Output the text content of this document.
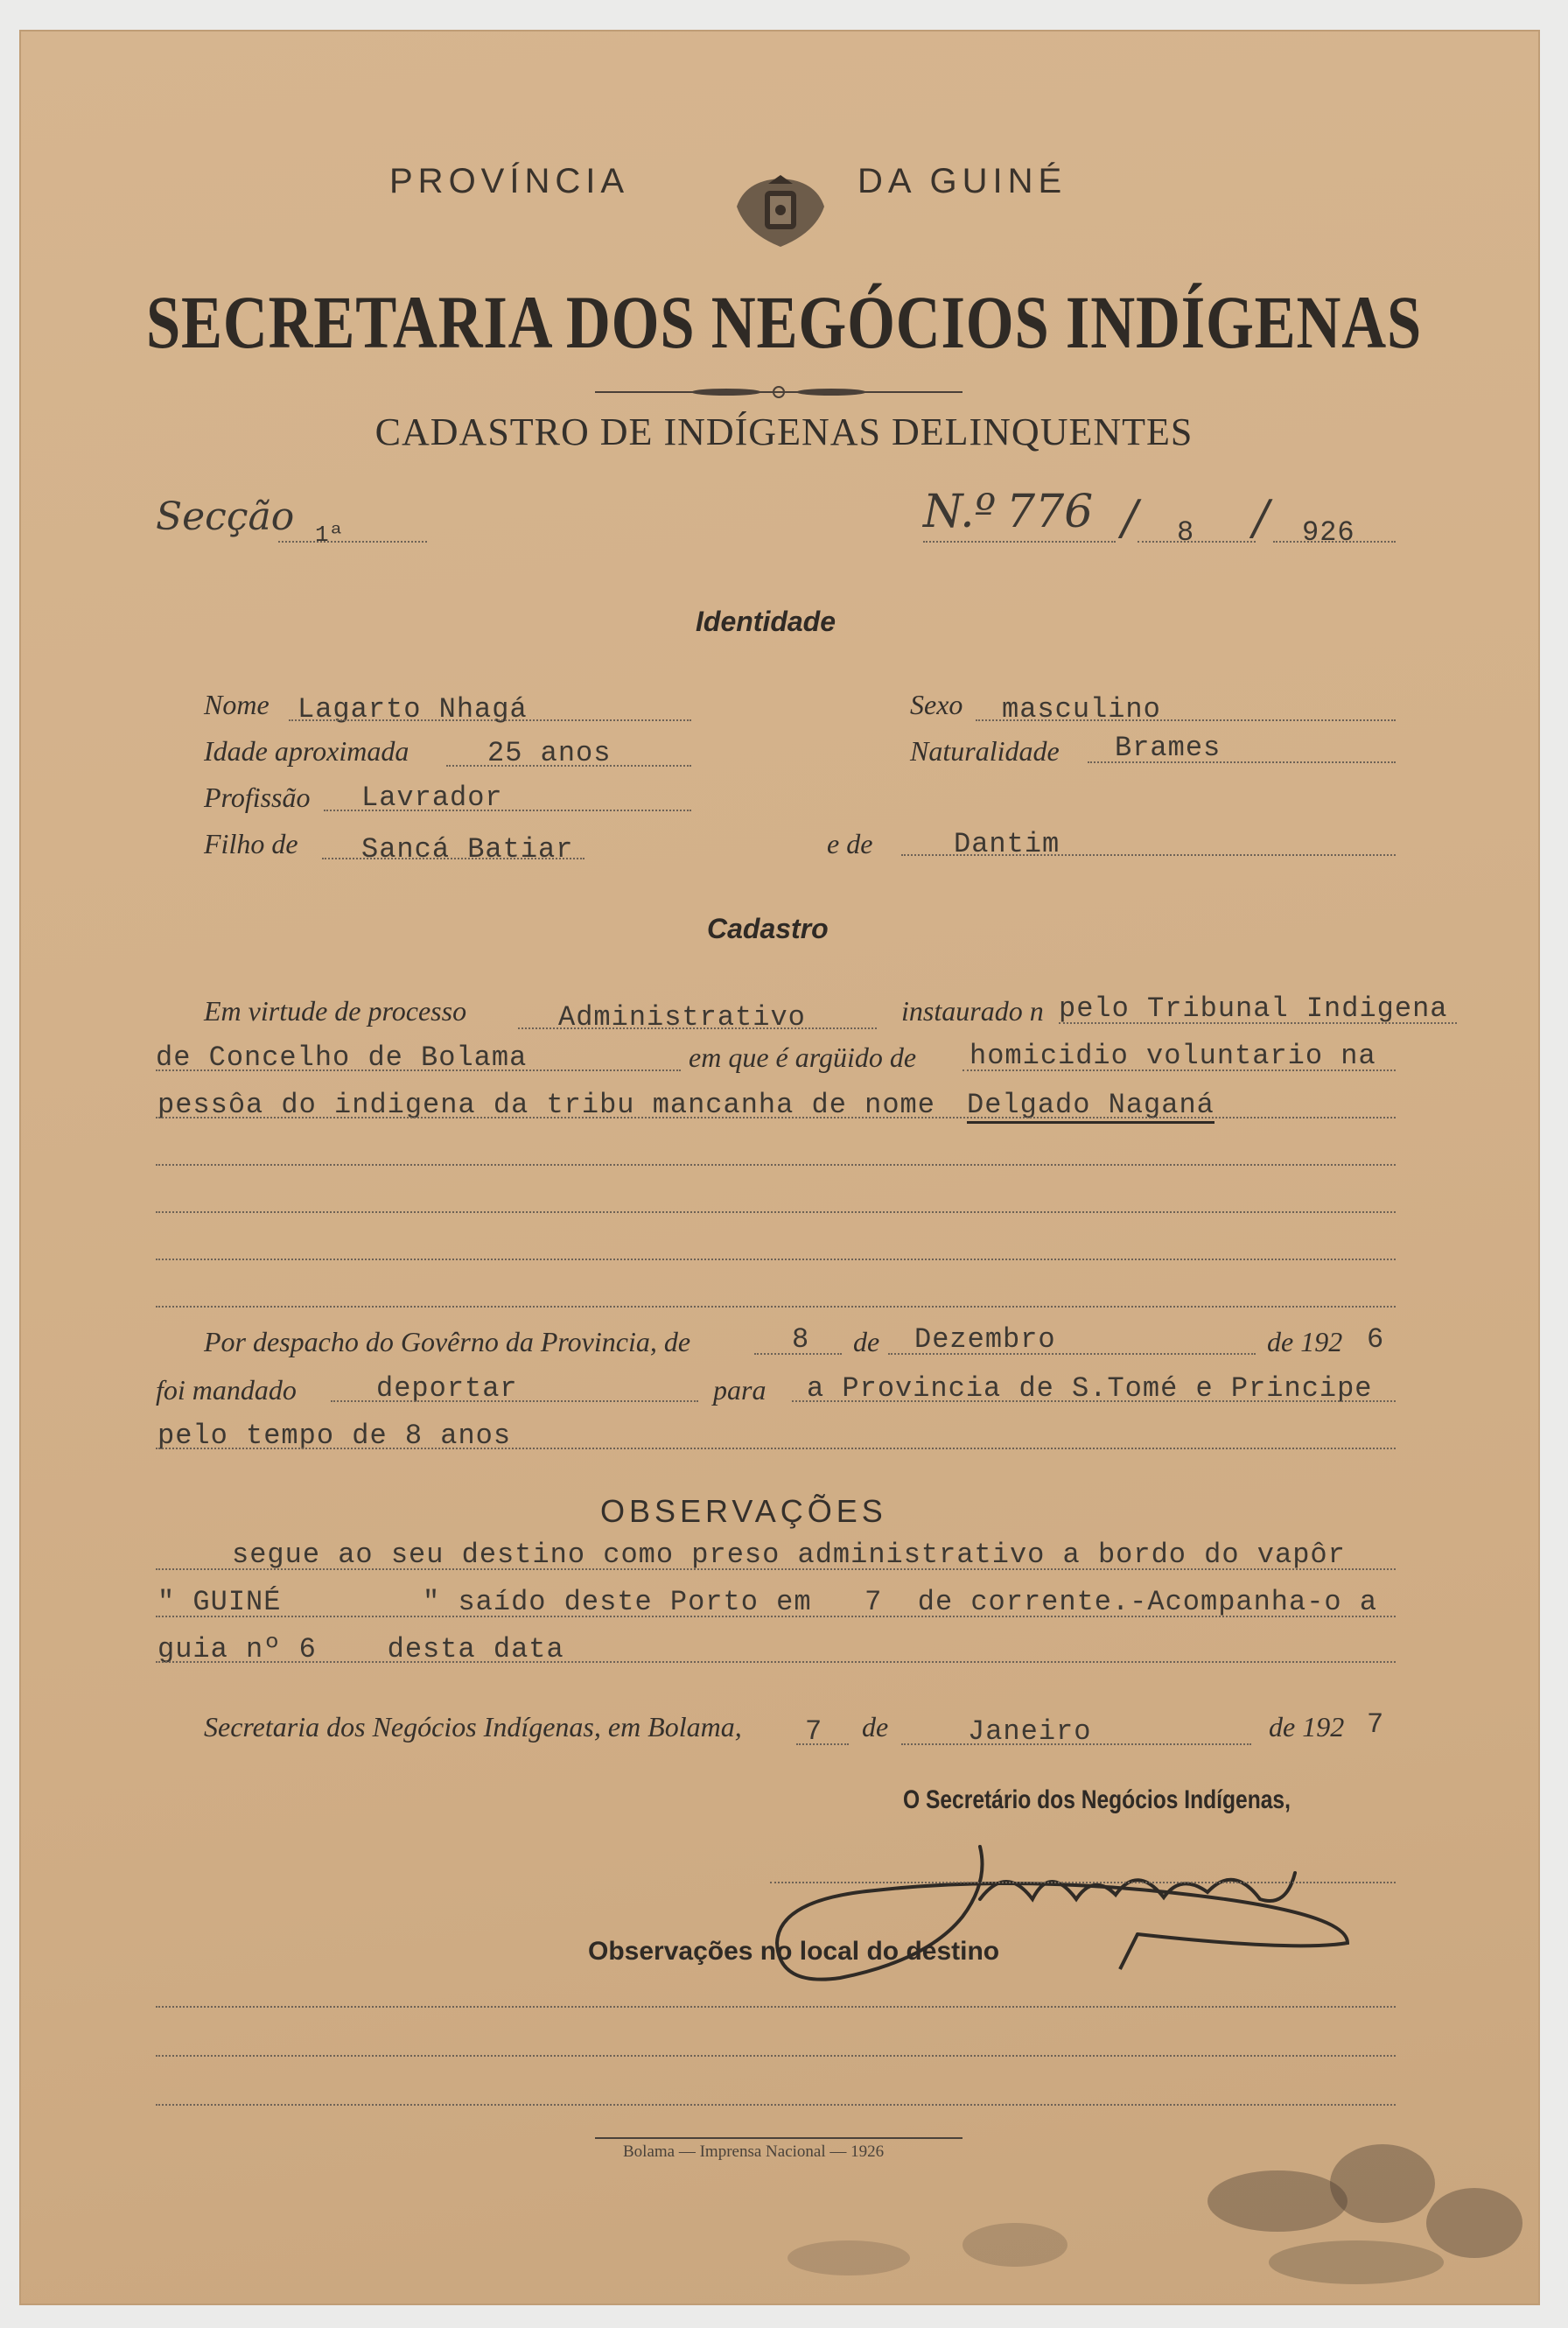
PROVÍNCIA	DA GUINÉ
SECRETARIA DOS NEGÓCIOS INDÍGENAS
CADASTRO DE INDÍGENAS DELINQUENTES
Secção 1ª	N.º 776 / 8 / 926
Identidade
Nome Lagarto Nhagá	Sexo masculino
Idade aproximada	25 anos	Naturalidade Brames
Profissão Lavrador
Filho de Sancá Batiar	e de	Dantim
Cadastro
Em virtude de processo	Administrativo	instaurado n pelo Tribunal Indigena
de Concelho de Bolama	em que é argüido de homicidio voluntario na
pessôa do indigena da tribu mancanha de nome Delgado Naganá
Por despacho do Govêrno da Provincia, de	8 de Dezembro	de 192 6
foi mandado	deportar	para a Provincia de S.Tomé e Principe
pelo tempo de 8 anos
OBSERVAÇÕES
segue ao seu destino como preso administrativo a bordo do vapôr
" GUINÉ        " saído deste Porto em   7  de corrente.-Acompanha-o a
guia nº 6    desta data
Secretaria dos Negócios Indígenas, em Bolama, 7 de	Janeiro	de 192 7
O Secretário dos Negócios Indígenas,
Observações no local do destino
Bolama — Imprensa Nacional — 1926
